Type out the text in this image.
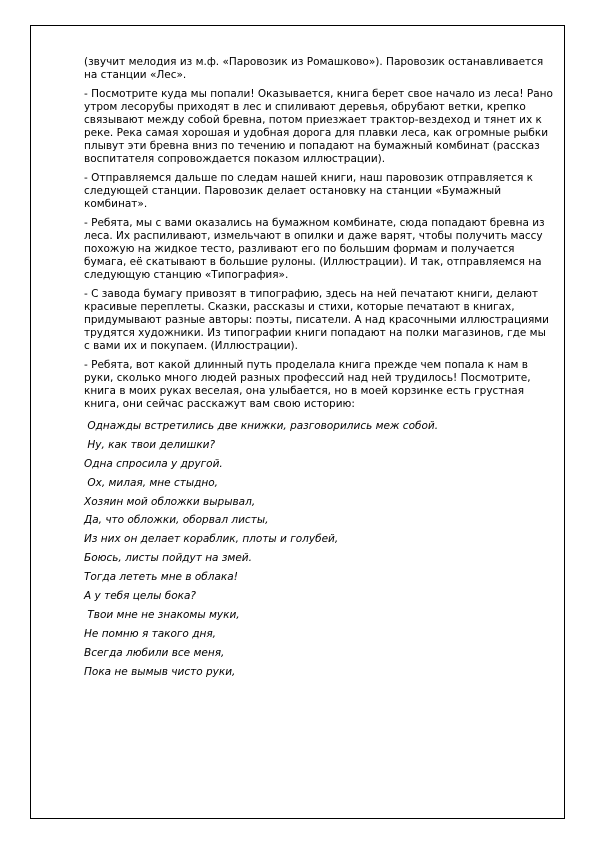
(звучит мелодия из м.ф. «Паровозик из Ромашково»). Паровозик останавливается на станции «Лес».

- Посмотрите куда мы попали! Оказывается, книга берет свое начало из леса! Рано утром лесорубы приходят в лес и спиливают деревья, обрубают ветки, крепко связывают между собой бревна, потом приезжает трактор-вездеход и тянет их к реке. Река самая хорошая и удобная дорога для плавки леса, как огромные рыбки плывут эти бревна вниз по течению и попадают на бумажный комбинат (рассказ воспитателя сопровождается показом иллюстрации).

- Отправляемся дальше по следам нашей книги, наш паровозик отправляется к следующей станции. Паровозик делает остановку на станции «Бумажный комбинат».

- Ребята, мы с вами оказались на бумажном комбинате, сюда попадают бревна из леса. Их распиливают, измельчают в опилки и даже варят, чтобы получить массу похожую на жидкое тесто, разливают его по большим формам и получается бумага, её скатывают в большие рулоны. (Иллюстрации). И так, отправляемся на следующую станцию «Типография».

- С завода бумагу привозят в типографию, здесь на ней печатают книги, делают красивые переплеты. Сказки, рассказы и стихи, которые печатают в книгах, придумывают разные авторы: поэты, писатели. А над красочными иллюстрациями трудятся художники. Из типографии книги попадают на полки магазинов, где мы с вами их и покупаем. (Иллюстрации).

- Ребята, вот какой длинный путь проделала книга прежде чем попала к нам в руки, сколько много людей разных профессий над ней трудилось! Посмотрите, книга в моих руках веселая, она улыбается, но в моей корзинке есть грустная книга, они сейчас расскажут вам свою историю:

Однажды встретились две книжки, разговорились меж собой.
Ну, как твои делишки?
Одна спросила у другой.
Ох, милая, мне стыдно,
Хозяин мой обложки вырывал,
Да, что обложки, оборвал листы,
Из них он делает кораблик, плоты и голубей,
Боюсь, листы пойдут на змей.
Тогда лететь мне в облака!
А у тебя целы бока?
Твои мне не знакомы муки,
Не помню я такого дня,
Всегда любили все меня,
Пока не вымыв чисто руки,
